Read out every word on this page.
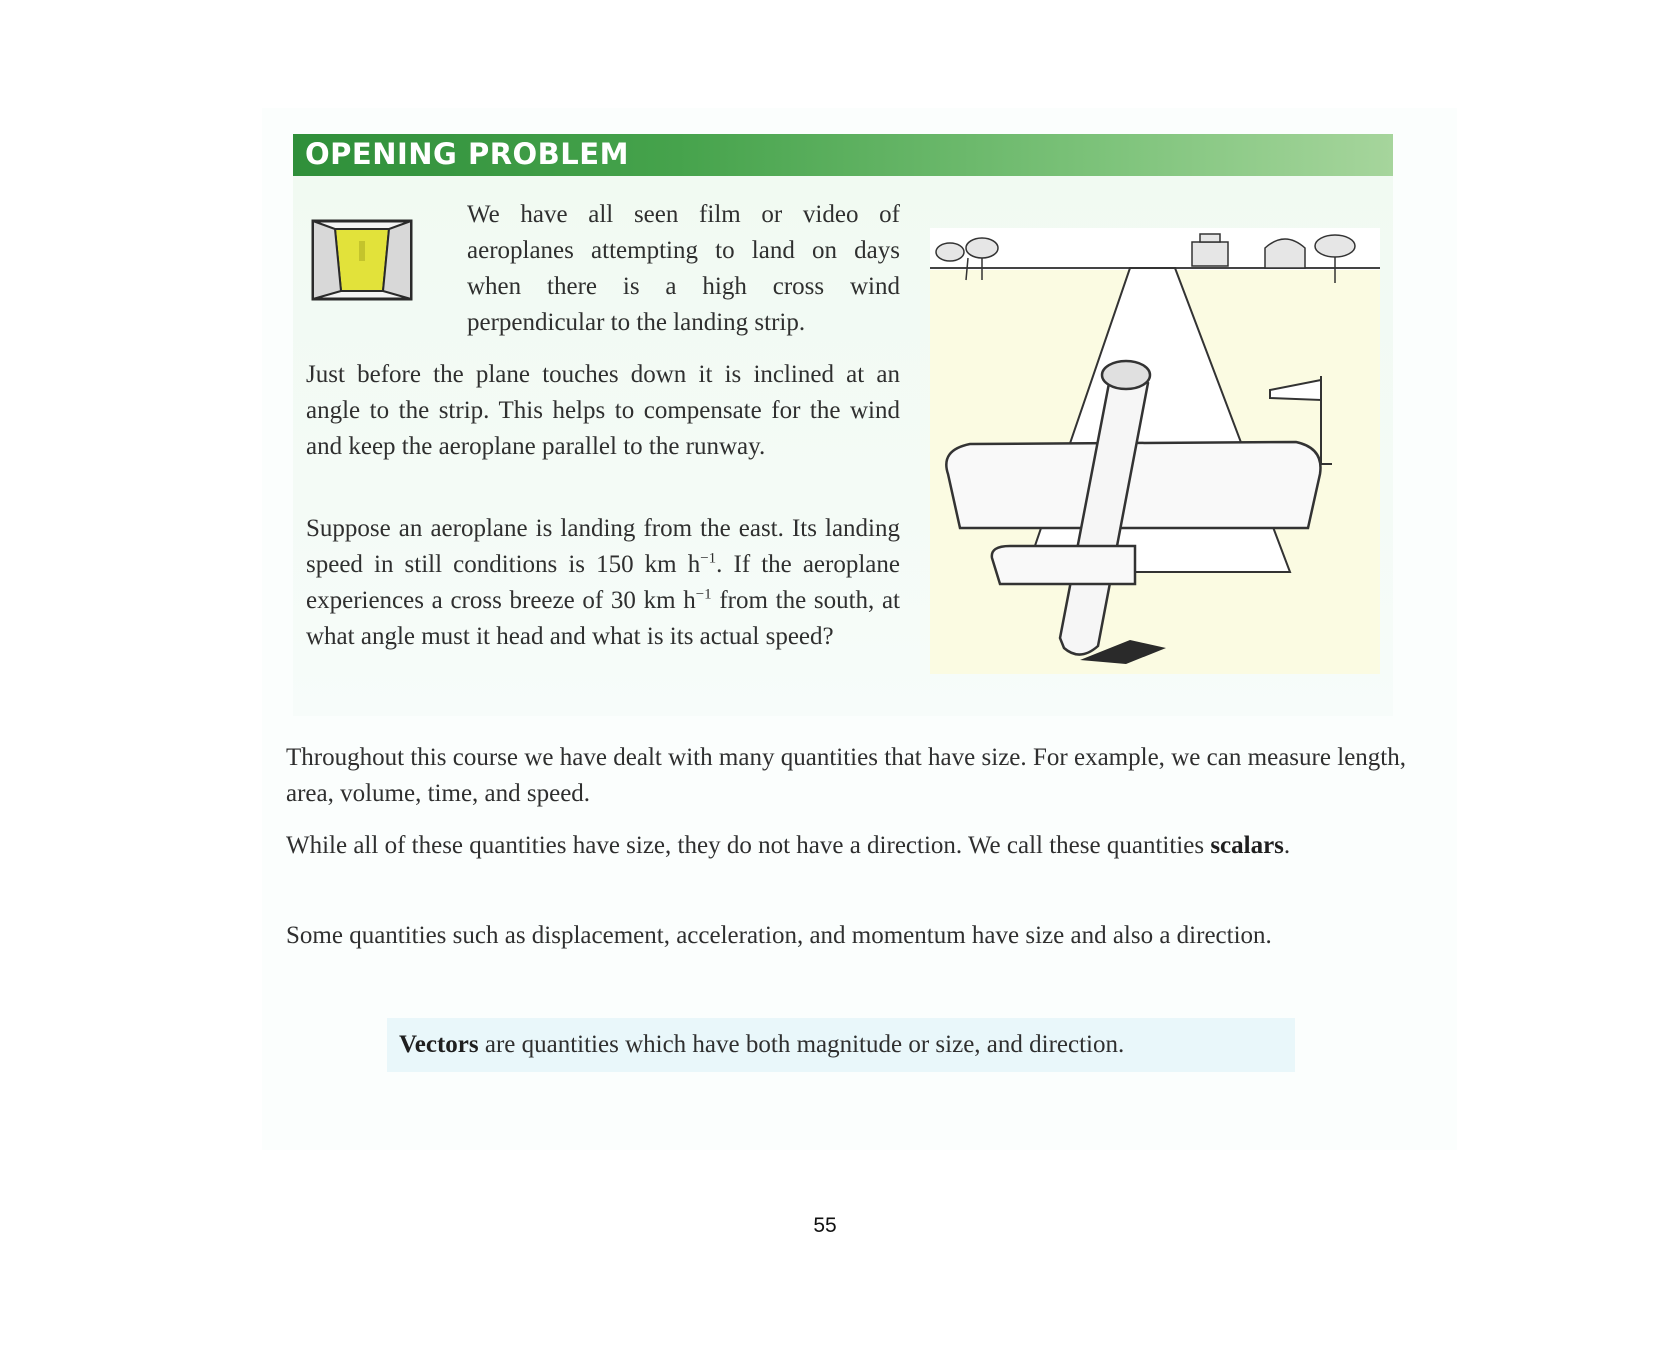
OPENING PROBLEM

We have all seen film or video of aeroplanes attempting to land on days when there is a high cross wind perpendicular to the landing strip.

Just before the plane touches down it is inclined at an angle to the strip. This helps to compensate for the wind and keep the aeroplane parallel to the runway.

Suppose an aeroplane is landing from the east. Its landing speed in still conditions is 150 km $h^{-1}$. If the aeroplane experiences a cross breeze of 30 km $h^{-1}$ from the south, at what angle must it head and what is its actual speed?

Throughout this course we have dealt with many quantities that have size. For example, we can measure length, area, volume, time, and speed.

While all of these quantities have size, they do not have a direction. We call these quantities scalars.

Some quantities such as displacement, acceleration, and momentum have size and also a direction.

Vectors are quantities which have both magnitude or size, and direction.
55
